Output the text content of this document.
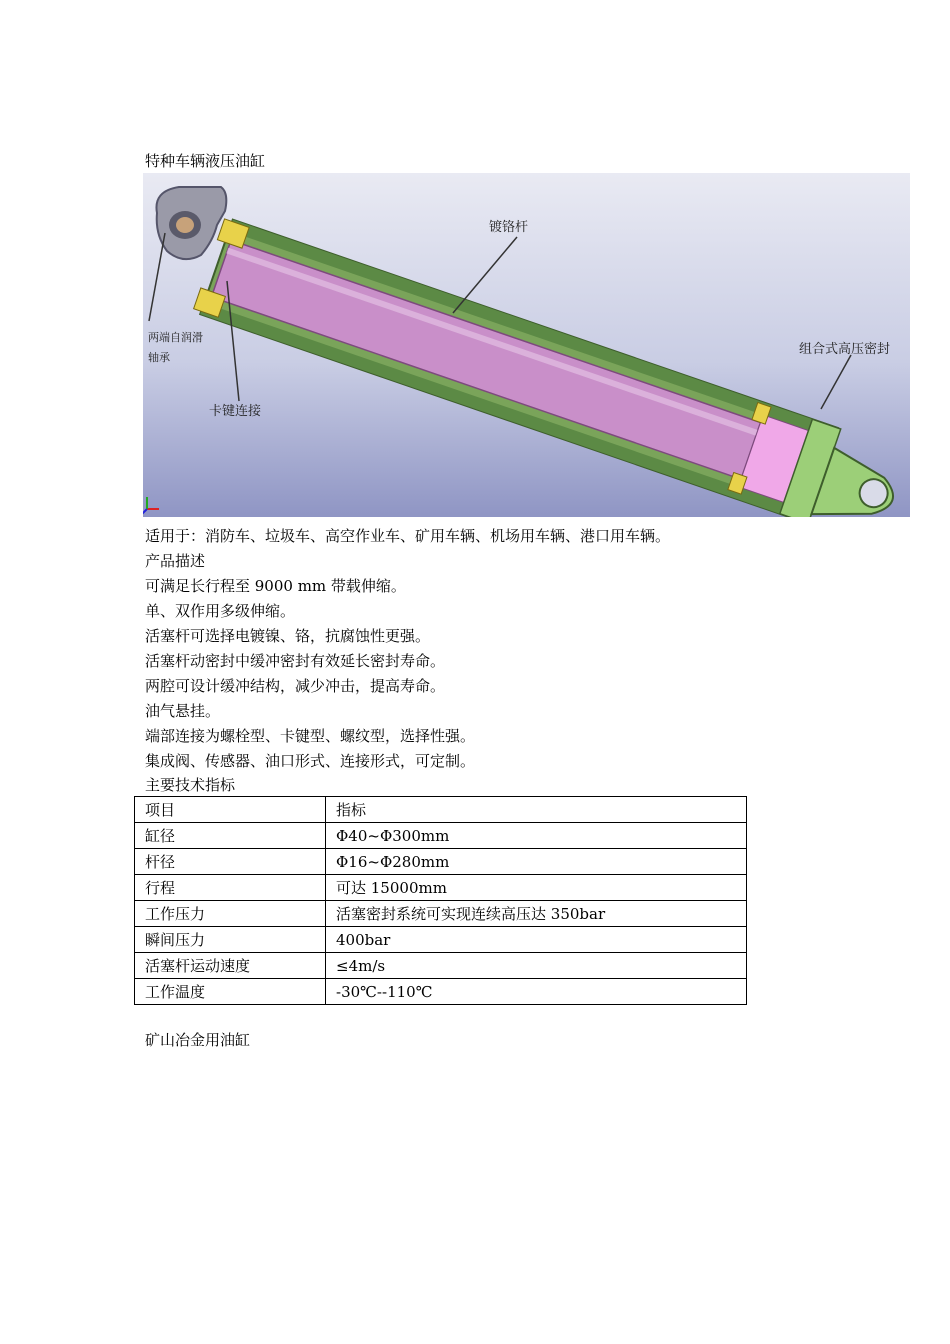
特种车辆液压油缸
镀铬杆
两端自润滑
轴承
卡键连接
组合式高压密封
适用于：消防车、垃圾车、高空作业车、矿用车辆、机场用车辆、港口用车辆。
产品描述
可满足长行程至 9000 mm 带载伸缩。
单、双作用多级伸缩。
活塞杆可选择电镀镍、铬，抗腐蚀性更强。
活塞杆动密封中缓冲密封有效延长密封寿命。
两腔可设计缓冲结构，减少冲击，提高寿命。
油气悬挂。
端部连接为螺栓型、卡键型、螺纹型，选择性强。
集成阀、传感器、油口形式、连接形式，可定制。
主要技术指标
项目	指标
缸径	Φ40~Φ300mm
杆径	Φ16~Φ280mm
行程	可达 15000mm
工作压力	活塞密封系统可实现连续高压达 350bar
瞬间压力	400bar
活塞杆运动速度	≤4m/s
工作温度	-30℃--110℃
矿山冶金用油缸
